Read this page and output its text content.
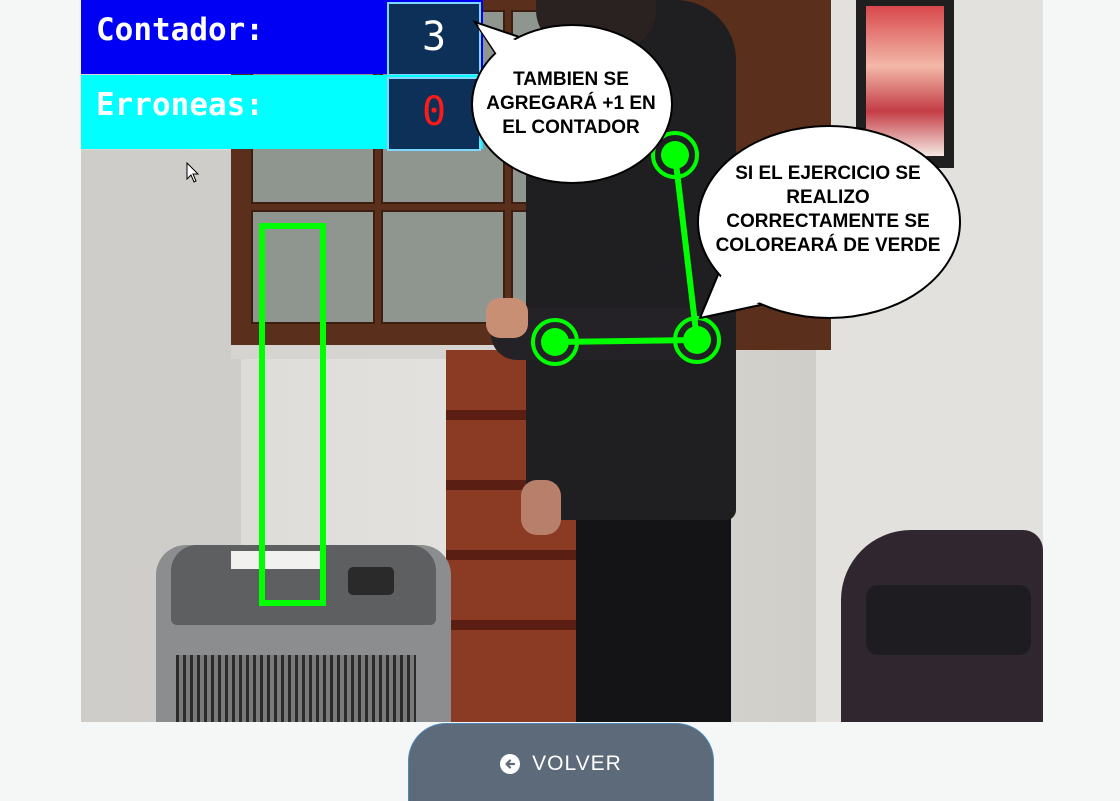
Contador:	3
Erroneas:	0
TAMBIEN SE AGREGARÁ +1 EN EL CONTADOR
SI EL EJERCICIO SE REALIZO CORRECTAMENTE SE COLOREARÁ DE VERDE
VOLVER
